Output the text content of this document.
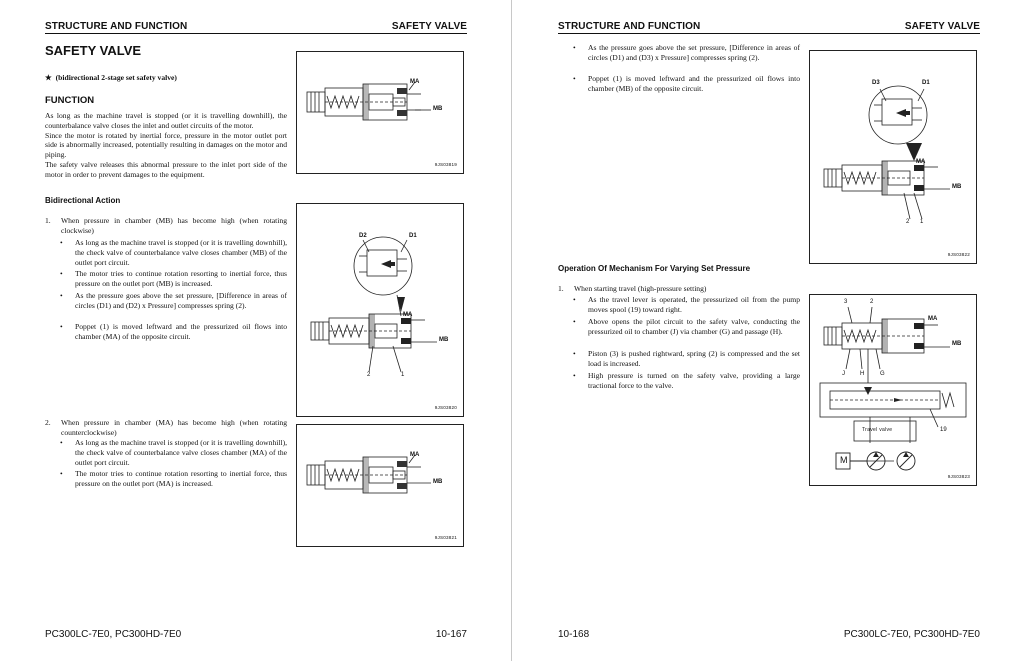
STRUCTURE AND FUNCTION	SAFETY VALVE
SAFETY VALVE
★  (bidirectional 2-stage set safety valve)
FUNCTION
As long as the machine travel is stopped (or it is travelling downhill), the counterbalance valve closes the inlet and outlet circuits of the motor.
Since the motor is rotated by inertial force, pressure in the motor outlet port side is abnormally increased, potentially resulting in damages on the motor and piping.
The safety valve releases this abnormal pressure to the inlet port side of the motor in order to prevent damages to the equipment.
Bidirectional Action
1. When pressure in chamber (MB) has become high (when rotating clockwise)
• As long as the machine travel is stopped (or it is travelling downhill), the check valve of counterbalance valve closes chamber (MB) of the outlet port circuit.
• The motor tries to continue rotation resorting to inertial force, thus pressure on the outlet port (MB) is increased.
• As the pressure goes above the set pressure, [Difference in areas of circles (D1) and (D2) x Pressure] compresses spring (2).
• Poppet (1) is moved leftward and the pressurized oil flows into chamber (MA) of the opposite circuit.
2. When pressure in chamber (MA) has become high (when rotating counterclockwise)
• As long as the machine travel is stopped (or it is travelling downhill), the check valve of counterbalance valve closes chamber (MA) of the outlet port circuit.
• The motor tries to continue rotation resorting to inertial force, thus pressure on the outlet port (MA) is increased.
MA
MB
9JS03819
D2	D1
MA
MB
2	1
9JS03820
MA
MB
9JS03821
PC300LC-7E0, PC300HD-7E0	10-167
STRUCTURE AND FUNCTION	SAFETY VALVE
• As the pressure goes above the set pressure, [Difference in areas of circles (D1) and (D3) x Pressure] compresses spring (2).
• Poppet (1) is moved leftward and the pressurized oil flows into chamber (MB) of the opposite circuit.
Operation Of Mechanism For Varying Set Pressure
1. When starting travel (high-pressure setting)
• As the travel lever is operated, the pressurized oil from the pump moves spool (19) toward right.
• Above opens the pilot circuit to the safety valve, conducting the pressurized oil to chamber (J) via chamber (G) and passage (H).
• Piston (3) is pushed rightward, spring (2) is compressed and the set load is increased.
• High pressure is turned on the safety valve, providing a large tractional force to the valve.
D3	D1
MA
MB
2 1
9JS03822
M
Travel valve
3	2
MA
MB
J	H	G
19
9JS03823
10-168	PC300LC-7E0, PC300HD-7E0
